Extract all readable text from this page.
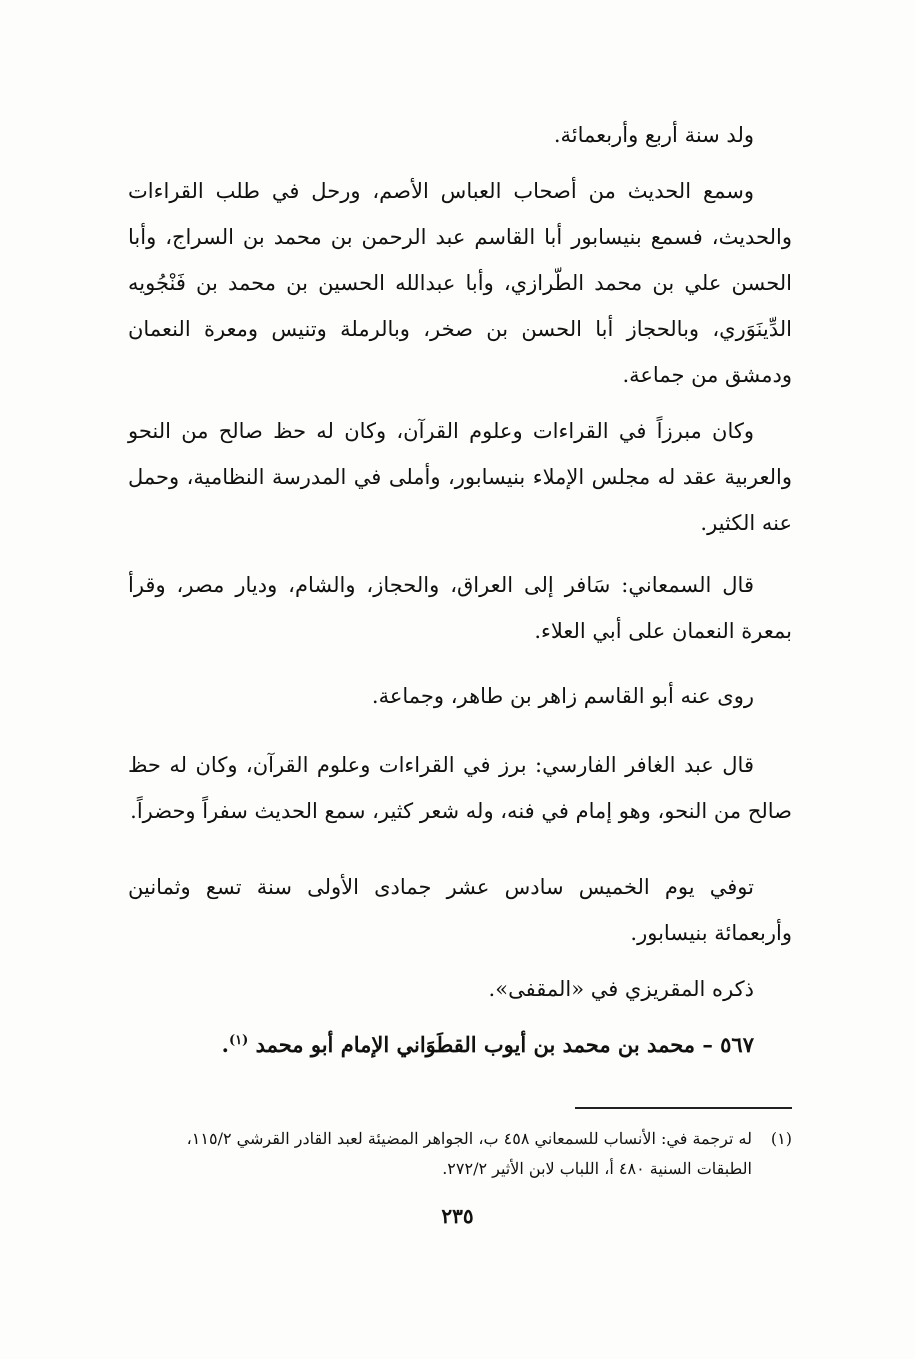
ولد سنة أربع وأربعمائة.

وسمع الحديث من أصحاب العباس الأصم، ورحل في طلب القراءات والحديث، فسمع بنيسابور أبا القاسم عبد الرحمن بن محمد بن السراج، وأبا الحسن علي بن محمد الطّرازي، وأبا عبدالله الحسين بن محمد بن فَنْجُويه الدِّينَوَري، وبالحجاز أبا الحسن بن صخر، وبالرملة وتنيس ومعرة النعمان ودمشق من جماعة.

وكان مبرزاً في القراءات وعلوم القرآن، وكان له حظ صالح من النحو والعربية عقد له مجلس الإملاء بنيسابور، وأملى في المدرسة النظامية، وحمل عنه الكثير.

قال السمعاني: سَافر إلى العراق، والحجاز، والشام، وديار مصر، وقرأ بمعرة النعمان على أبي العلاء.

روى عنه أبو القاسم زاهر بن طاهر، وجماعة.

قال عبد الغافر الفارسي: برز في القراءات وعلوم القرآن، وكان له حظ صالح من النحو، وهو إمام في فنه، وله شعر كثير، سمع الحديث سفراً وحضراً.

توفي يوم الخميس سادس عشر جمادى الأولى سنة تسع وثمانين وأربعمائة بنيسابور.

ذكره المقريزي في «المقفى».

٥٦٧ – محمد بن محمد بن أيوب القطَوَاني الإمام أبو محمد $^{(١)}$.

(١)
له ترجمة في: الأنساب للسمعاني ٤٥٨ ب، الجواهر المضيئة لعبد القادر القرشي ١١٥/٢، الطبقات السنية ٤٨٠ أ، اللباب لابن الأثير ٢٧٢/٢.
٢٣٥
